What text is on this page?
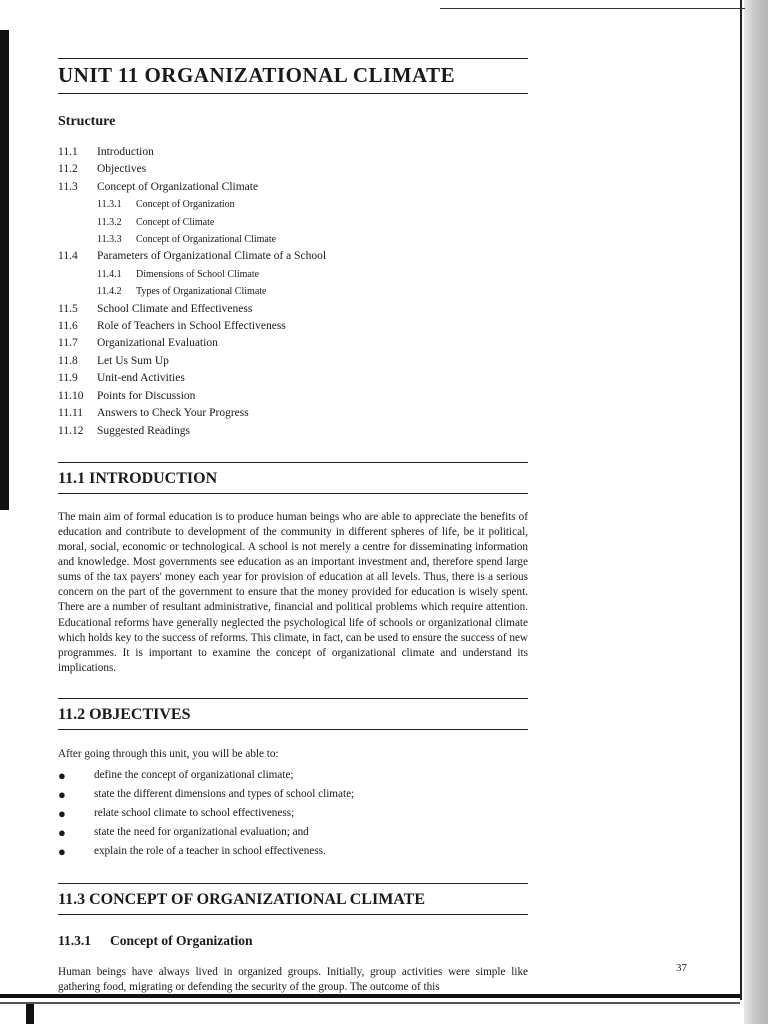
UNIT 11 ORGANIZATIONAL CLIMATE
Structure
11.1	Introduction
11.2	Objectives
11.3	Concept of Organizational Climate
11.3.1	Concept of Organization
11.3.2	Concept of Climate
11.3.3	Concept of Organizational Climate
11.4	Parameters of Organizational Climate of a School
11.4.1	Dimensions of School Climate
11.4.2	Types of Organizational Climate
11.5	School Climate and Effectiveness
11.6	Role of Teachers in School Effectiveness
11.7	Organizational Evaluation
11.8	Let Us Sum Up
11.9	Unit-end Activities
11.10	Points for Discussion
11.11	Answers to Check Your Progress
11.12	Suggested Readings
11.1 INTRODUCTION
The main aim of formal education is to produce human beings who are able to appreciate the benefits of education and contribute to development of the community in different spheres of life, be it political, moral, social, economic or technological. A school is not merely a centre for disseminating information and knowledge. Most governments see education as an important investment and, therefore spend large sums of the tax payers' money each year for provision of education at all levels. Thus, there is a serious concern on the part of the government to ensure that the money provided for education is wisely spent. There are a number of resultant administrative, financial and political problems which require attention. Educational reforms have generally neglected the psychological life of schools or organizational climate which holds key to the success of reforms. This climate, in fact, can be used to ensure the success of new programmes. It is important to examine the concept of organizational climate and understand its implications.
11.2 OBJECTIVES
After going through this unit, you will be able to:
●	define the concept of organizational climate;
●	state the different dimensions and types of school climate;
●	relate school climate to school effectiveness;
●	state the need for organizational evaluation; and
●	explain the role of a teacher in school effectiveness.
11.3 CONCEPT OF ORGANIZATIONAL CLIMATE
11.3.1 Concept of Organization
Human beings have always lived in organized groups. Initially, group activities were simple like gathering food, migrating or defending the security of the group. The outcome of this
37
